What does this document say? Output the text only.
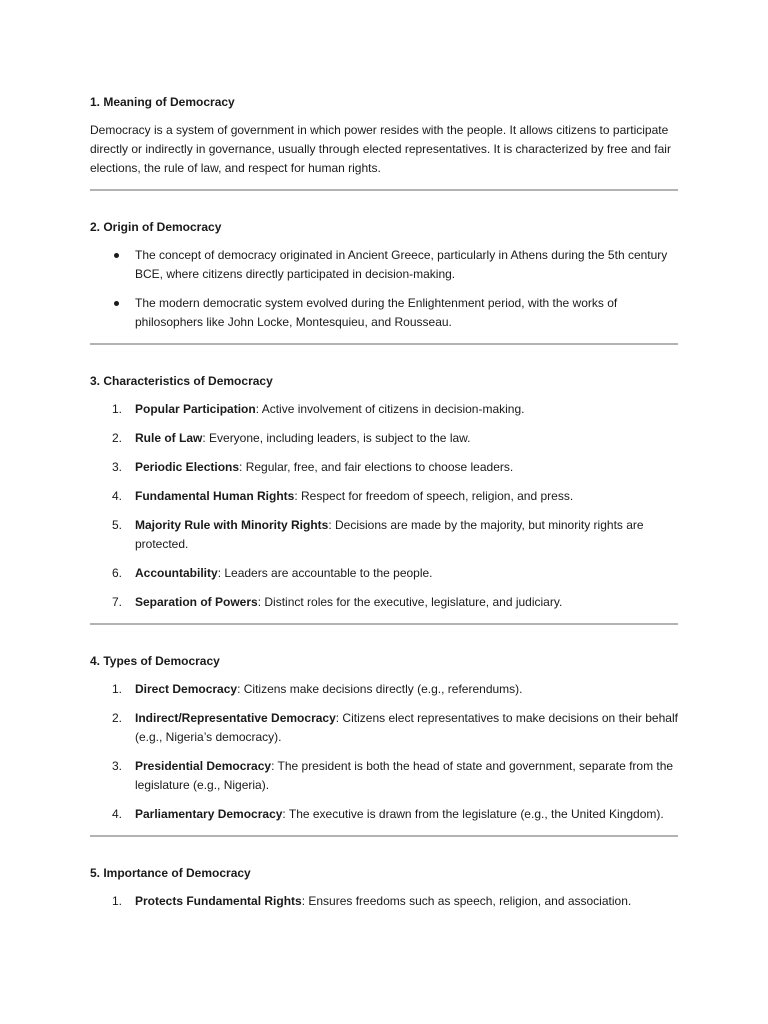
1. Meaning of Democracy

Democracy is a system of government in which power resides with the people. It allows citizens to participate directly or indirectly in governance, usually through elected representatives. It is characterized by free and fair elections, the rule of law, and respect for human rights.

2. Origin of Democracy
The concept of democracy originated in Ancient Greece, particularly in Athens during the 5th century BCE, where citizens directly participated in decision-making.
The modern democratic system evolved during the Enlightenment period, with the works of philosophers like John Locke, Montesquieu, and Rousseau.
3. Characteristics of Democracy
1. Popular Participation: Active involvement of citizens in decision-making.
2. Rule of Law: Everyone, including leaders, is subject to the law.
3. Periodic Elections: Regular, free, and fair elections to choose leaders.
4. Fundamental Human Rights: Respect for freedom of speech, religion, and press.
5. Majority Rule with Minority Rights: Decisions are made by the majority, but minority rights are protected.
6. Accountability: Leaders are accountable to the people.
7. Separation of Powers: Distinct roles for the executive, legislature, and judiciary.
4. Types of Democracy
1. Direct Democracy: Citizens make decisions directly (e.g., referendums).
2. Indirect/Representative Democracy: Citizens elect representatives to make decisions on their behalf (e.g., Nigeria’s democracy).
3. Presidential Democracy: The president is both the head of state and government, separate from the legislature (e.g., Nigeria).
4. Parliamentary Democracy: The executive is drawn from the legislature (e.g., the United Kingdom).
5. Importance of Democracy
1. Protects Fundamental Rights: Ensures freedoms such as speech, religion, and association.
